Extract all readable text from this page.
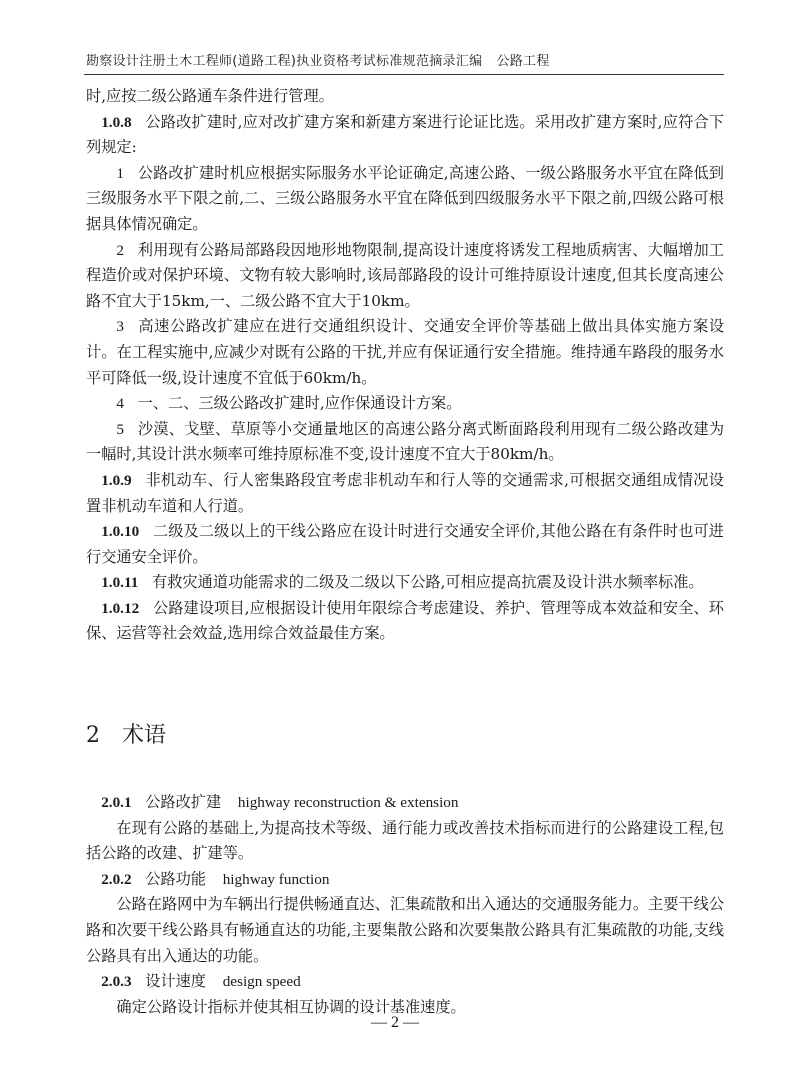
勘察设计注册土木工程师(道路工程)执业资格考试标准规范摘录汇编 公路工程

时,应按二级公路通车条件进行管理。

1.0.8 公路改扩建时,应对改扩建方案和新建方案进行论证比选。采用改扩建方案时,应符合下列规定:

1 公路改扩建时机应根据实际服务水平论证确定,高速公路、一级公路服务水平宜在降低到三级服务水平下限之前,二、三级公路服务水平宜在降低到四级服务水平下限之前,四级公路可根据具体情况确定。

2 利用现有公路局部路段因地形地物限制,提高设计速度将诱发工程地质病害、大幅增加工程造价或对保护环境、文物有较大影响时,该局部路段的设计可维持原设计速度,但其长度高速公路不宜大于15km,一、二级公路不宜大于10km。

3 高速公路改扩建应在进行交通组织设计、交通安全评价等基础上做出具体实施方案设计。在工程实施中,应减少对既有公路的干扰,并应有保证通行安全措施。维持通车路段的服务水平可降低一级,设计速度不宜低于60km/h。

4 一、二、三级公路改扩建时,应作保通设计方案。

5 沙漠、戈壁、草原等小交通量地区的高速公路分离式断面路段利用现有二级公路改建为一幅时,其设计洪水频率可维持原标准不变,设计速度不宜大于80km/h。

1.0.9 非机动车、行人密集路段宜考虑非机动车和行人等的交通需求,可根据交通组成情况设置非机动车道和人行道。

1.0.10 二级及二级以上的干线公路应在设计时进行交通安全评价,其他公路在有条件时也可进行交通安全评价。

1.0.11 有救灾通道功能需求的二级及二级以下公路,可相应提高抗震及设计洪水频率标准。

1.0.12 公路建设项目,应根据设计使用年限综合考虑建设、养护、管理等成本效益和安全、环保、运营等社会效益,选用综合效益最佳方案。

2 术语

2.0.1 公路改扩建 highway reconstruction & extension

在现有公路的基础上,为提高技术等级、通行能力或改善技术指标而进行的公路建设工程,包括公路的改建、扩建等。

2.0.2 公路功能 highway function

公路在路网中为车辆出行提供畅通直达、汇集疏散和出入通达的交通服务能力。主要干线公路和次要干线公路具有畅通直达的功能,主要集散公路和次要集散公路具有汇集疏散的功能,支线公路具有出入通达的功能。

2.0.3 设计速度 design speed

确定公路设计指标并使其相互协调的设计基准速度。

— 2 —
